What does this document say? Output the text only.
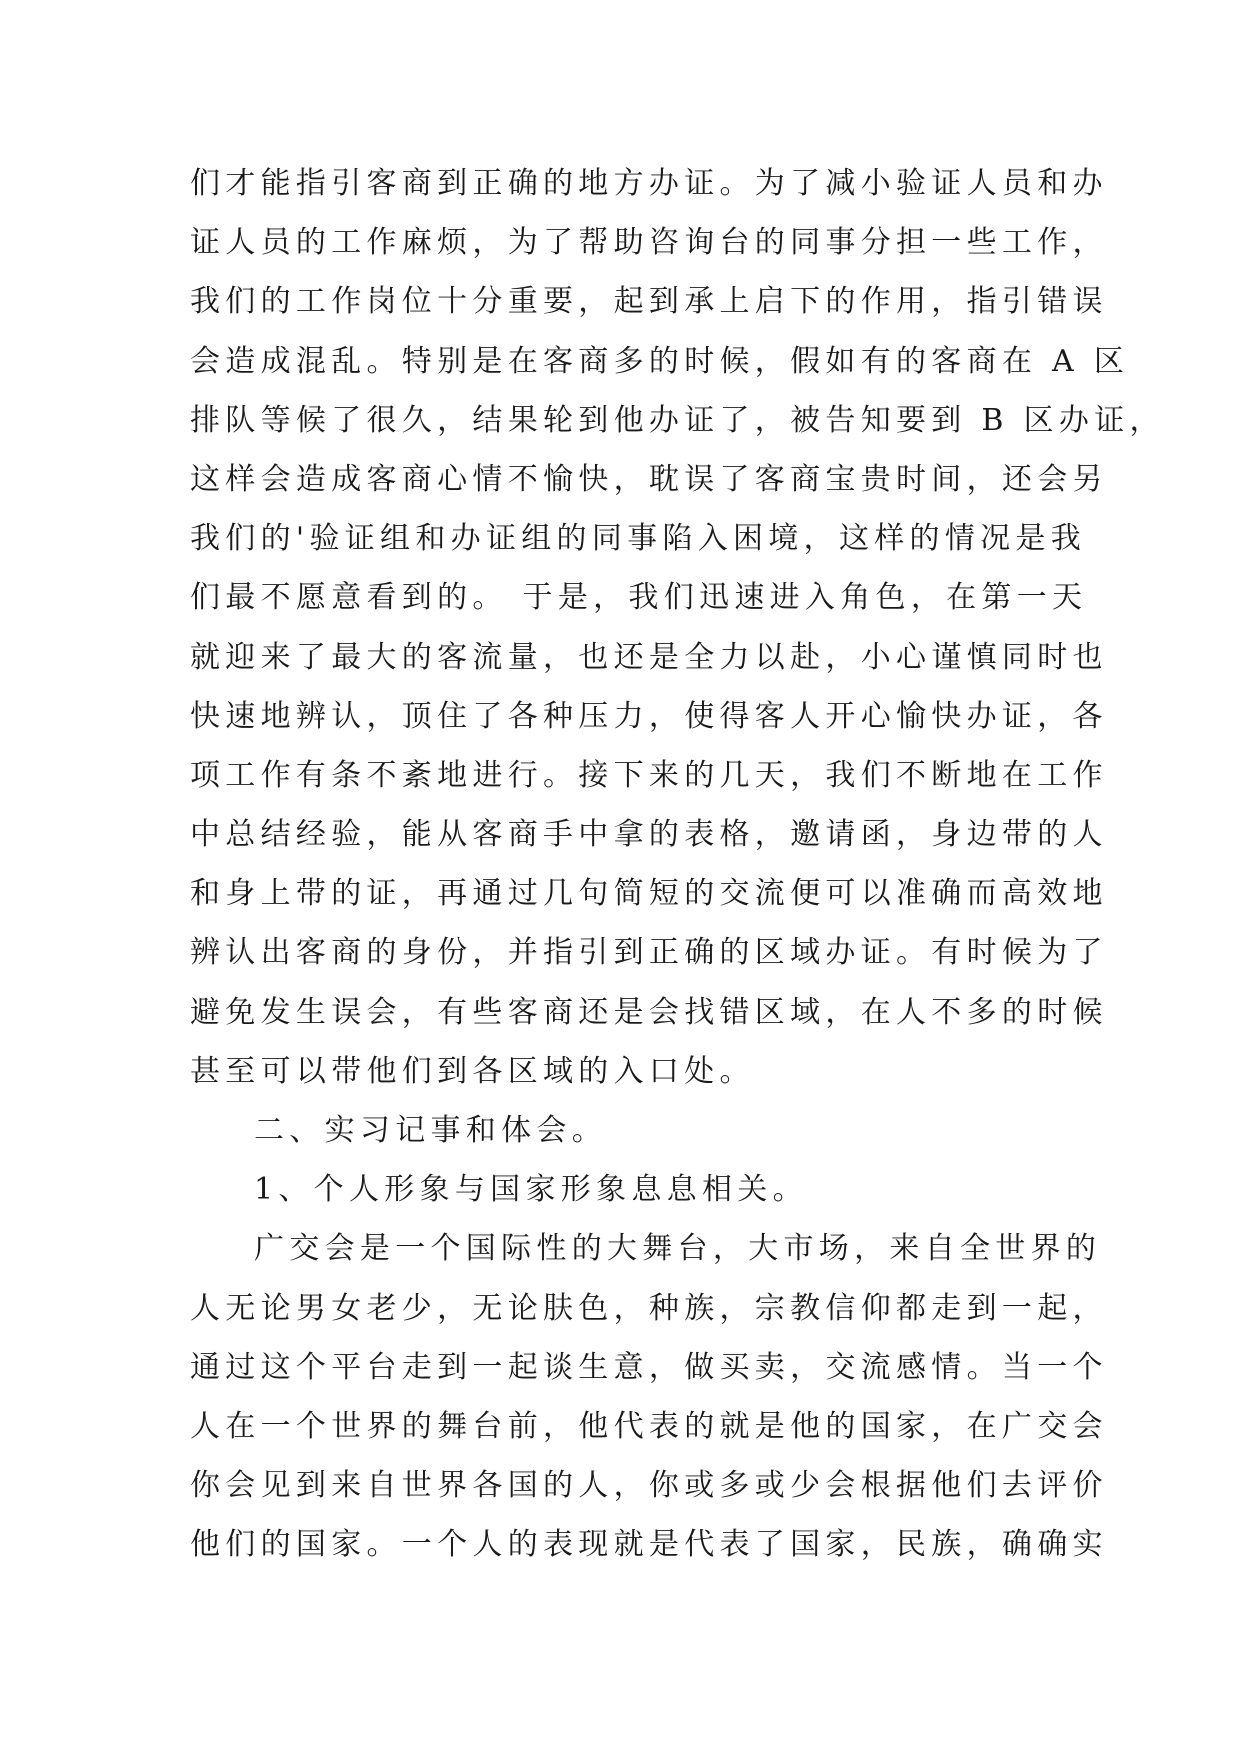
们才能指引客商到正确的地方办证。为了减小验证人员和办
证人员的工作麻烦，为了帮助咨询台的同事分担一些工作，
我们的工作岗位十分重要，起到承上启下的作用，指引错误
会造成混乱。特别是在客商多的时候，假如有的客商在 A 区
排队等候了很久，结果轮到他办证了，被告知要到 B 区办证，
这样会造成客商心情不愉快，耽误了客商宝贵时间，还会另
我们的'验证组和办证组的同事陷入困境，这样的情况是我
们最不愿意看到的。 于是，我们迅速进入角色，在第一天
就迎来了最大的客流量，也还是全力以赴，小心谨慎同时也
快速地辨认，顶住了各种压力，使得客人开心愉快办证，各
项工作有条不紊地进行。接下来的几天，我们不断地在工作
中总结经验，能从客商手中拿的表格，邀请函，身边带的人
和身上带的证，再通过几句简短的交流便可以准确而高效地
辨认出客商的身份，并指引到正确的区域办证。有时候为了
避免发生误会，有些客商还是会找错区域，在人不多的时候
甚至可以带他们到各区域的入口处。
二、实习记事和体会。
1、个人形象与国家形象息息相关。
广交会是一个国际性的大舞台，大市场，来自全世界的
人无论男女老少，无论肤色，种族，宗教信仰都走到一起，
通过这个平台走到一起谈生意，做买卖，交流感情。当一个
人在一个世界的舞台前，他代表的就是他的国家，在广交会
你会见到来自世界各国的人，你或多或少会根据他们去评价
他们的国家。一个人的表现就是代表了国家，民族，确确实
